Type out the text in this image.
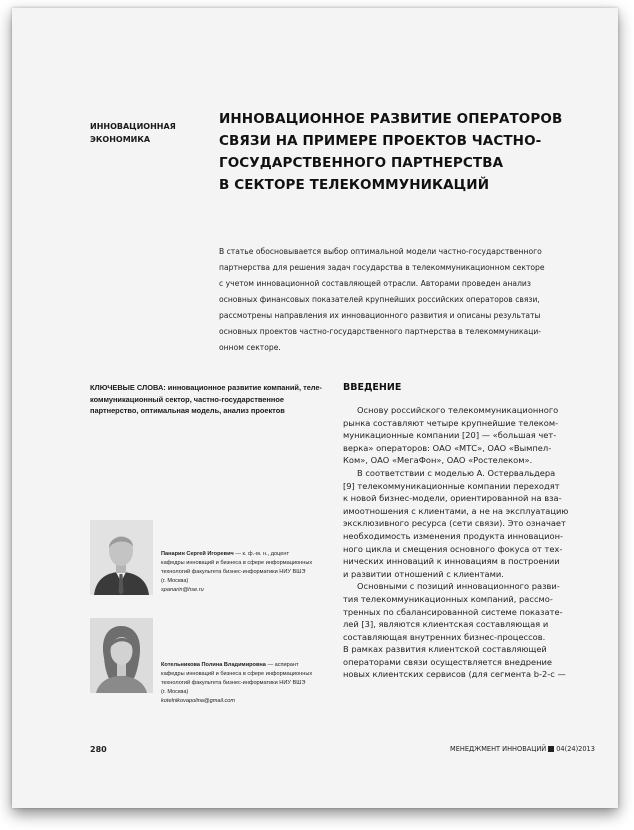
ИННОВАЦИОННАЯ
ЭКОНОМИКА
ИННОВАЦИОННОЕ РАЗВИТИЕ ОПЕРАТОРОВ
СВЯЗИ НА ПРИМЕРЕ ПРОЕКТОВ ЧАСТНО-
ГОСУДАРСТВЕННОГО ПАРТНЕРСТВА
В СЕКТОРЕ ТЕЛЕКОММУНИКАЦИЙ
В статье обосновывается выбор оптимальной модели частно-государственного
партнерства для решения задач государства в телекоммуникационном секторе
с учетом инновационной составляющей отрасли. Авторами проведен анализ
основных финансовых показателей крупнейших российских операторов связи,
рассмотрены направления их инновационного развития и описаны результаты
основных проектов частно-государственного партнерства в телекоммуникаци-
онном секторе.
КЛЮЧЕВЫЕ СЛОВА: инновационное развитие компаний, теле-
коммуникационный сектор, частно-государственное
партнерство, оптимальная модель, анализ проектов
ВВЕДЕНИЕ
Основу российского телекоммуникационного
рынка составляют четыре крупнейшие телеком-
муникационные компании [20] — «большая чет-
верка» операторов: ОАО «МТС», ОАО «Вымпел-
Ком», ОАО «МегаФон», ОАО «Ростелеком».
В соответствии с моделью А. Остервальдера
[9] телекоммуникационные компании переходят
к новой бизнес-модели, ориентированной на вза-
имоотношения с клиентами, а не на эксплуатацию
эксклюзивного ресурса (сети связи). Это означает
необходимость изменения продукта инновацион-
ного цикла и смещения основного фокуса от тех-
нических инноваций к инновациям в построении
и развитии отношений с клиентами.
Основными с позиций инновационного разви-
тия телекоммуникационных компаний, рассмо-
тренных по сбалансированной системе показате-
лей [3], являются клиентская составляющая и
составляющая внутренних бизнес-процессов.
В рамках развития клиентской составляющей
операторами связи осуществляется внедрение
новых клиентских сервисов (для сегмента b-2-c —
Панарин Сергей Игоревич — к. ф.-м. н., доцент
кафедры инноваций и бизнеса в сфере информационных
технологий факультета бизнес-информатики НИУ ВШЭ
(г. Москва)
spanarin@hse.ru
Котельникова Полина Владимировна — аспирант
кафедры инноваций и бизнеса в сфере информационных
технологий факультета бизнес-информатики НИУ ВШЭ
(г. Москва)
kotelnikovapolina@gmail.com
280	МЕНЕДЖМЕНТ ИННОВАЦИЙ 04(24)2013
